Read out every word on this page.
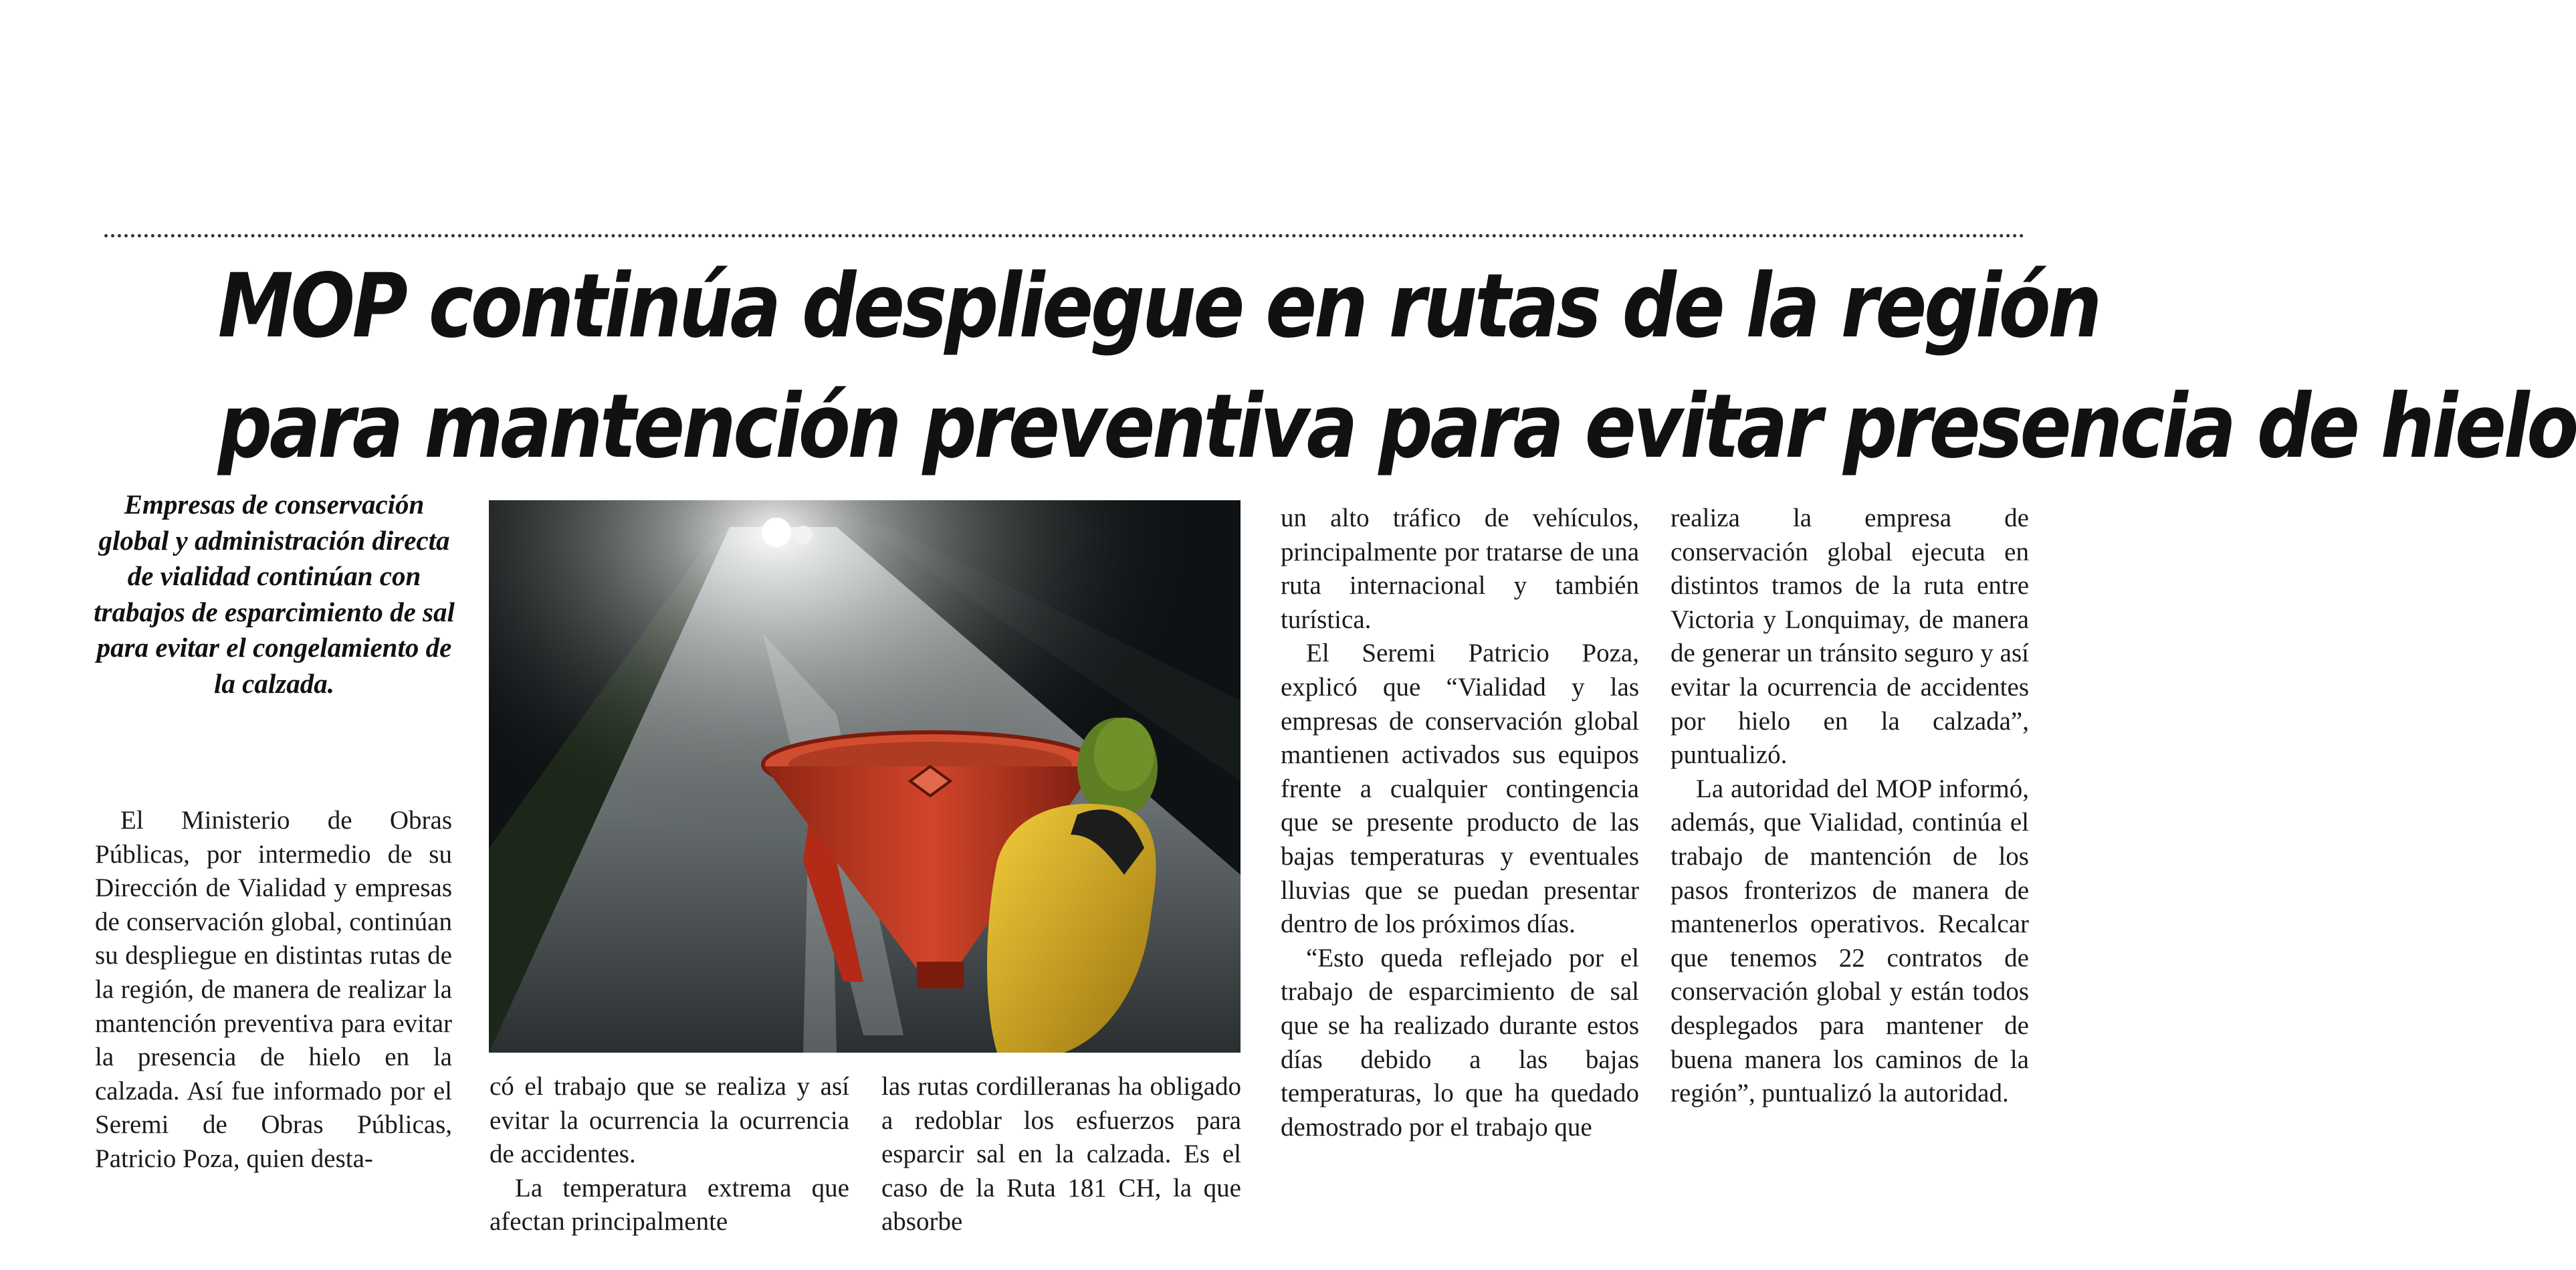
MOP continúa despliegue en rutas de la región
para mantención preventiva para evitar presencia de hielo
Empresas de conservación global y administración directa de vialidad continúan con trabajos de esparcimiento de sal para evitar el congelamiento de la calzada.

El Ministerio de Obras Públicas, por intermedio de su Dirección de Vialidad y empresas de conservación global, continúan su despliegue en distintas rutas de la región, de manera de realizar la mantención preventiva para evitar la presencia de hielo en la calzada. Así fue informado por el Seremi de Obras Públicas, Patricio Poza, quien desta-

có el trabajo que se realiza y así evitar la ocurrencia la ocurrencia de accidentes.

La temperatura extrema que afectan principalmente

las rutas cordilleranas ha obligado a redoblar los esfuerzos para esparcir sal en la calzada. Es el caso de la Ruta 181 CH, la que absorbe

un alto tráfico de vehículos, principalmente por tratarse de una ruta internacional y también turística.

El Seremi Patricio Poza, explicó que “Vialidad y las empresas de conservación global mantienen activados sus equipos frente a cualquier contingencia que se presente producto de las bajas temperaturas y eventuales lluvias que se puedan presentar dentro de los próximos días.

“Esto queda reflejado por el trabajo de esparcimiento de sal que se ha realizado durante estos días debido a las bajas temperaturas, lo que ha quedado demostrado por el trabajo que

realiza la empresa de conservación global ejecuta en distintos tramos de la ruta entre Victoria y Lonquimay, de manera de generar un tránsito seguro y así evitar la ocurrencia de accidentes por hielo en la calzada”, puntualizó.

La autoridad del MOP informó, además, que Vialidad, continúa el trabajo de mantención de los pasos fronterizos de manera de mantenerlos operativos. Recalcar que tenemos 22 contratos de conservación global y están todos desplegados para mantener de buena manera los caminos de la región”, puntualizó la autoridad.
